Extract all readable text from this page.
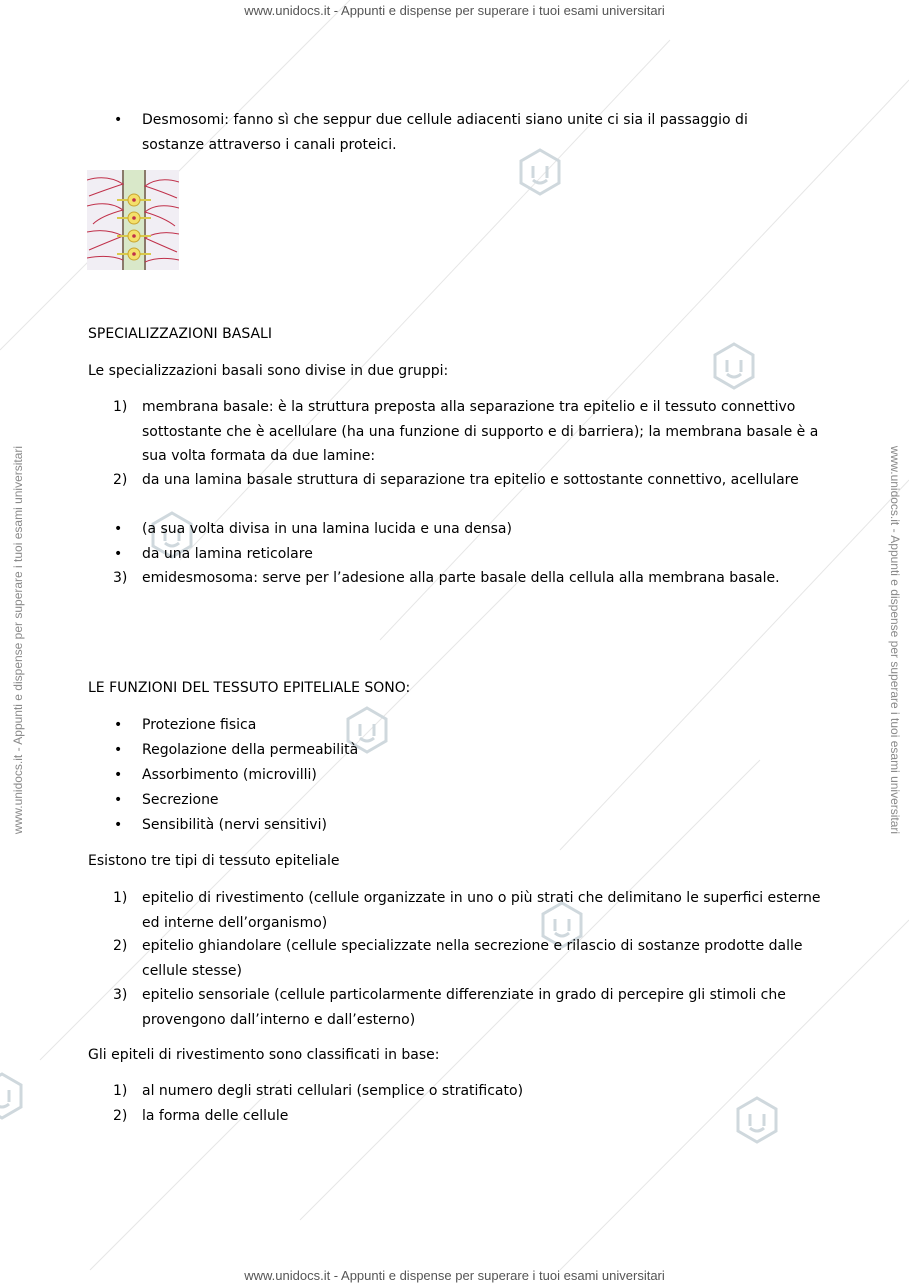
www.unidocs.it - Appunti e dispense per superare i tuoi esami universitari
www.unidocs.it - Appunti e dispense per superare i tuoi esami universitari
www.unidocs.it - Appunti e dispense per superare i tuoi esami universitari	www.unidocs.it - Appunti e dispense per superare i tuoi esami universitari
• Desmosomi: fanno sì che seppur due cellule adiacenti siano unite ci sia il passaggio di
sostanze attraverso i canali proteici.
SPECIALIZZAZIONI BASALI
Le specializzazioni basali sono divise in due gruppi:
1) membrana basale: è la struttura preposta alla separazione tra epitelio e il tessuto connettivo sottostante che è acellulare (ha una funzione di supporto e di barriera); la membrana basale è a sua volta formata da due lamine:
2) da una lamina basale struttura di separazione tra epitelio e sottostante connettivo, acellulare
• (a sua volta divisa in una lamina lucida e una densa)
• da una lamina reticolare
3) emidesmosoma: serve per l’adesione alla parte basale della cellula alla membrana basale.
LE FUNZIONI DEL TESSUTO EPITELIALE SONO:
• Protezione fisica
• Regolazione della permeabilità
• Assorbimento (microvilli)
• Secrezione
• Sensibilità (nervi sensitivi)
Esistono tre tipi di tessuto epiteliale
1) epitelio di rivestimento (cellule organizzate in uno o più strati che delimitano le superfici esterne ed interne dell’organismo)
2) epitelio ghiandolare (cellule specializzate nella secrezione e rilascio di sostanze prodotte dalle cellule stesse)
3) epitelio sensoriale (cellule particolarmente differenziate in grado di percepire gli stimoli che provengono dall’interno e dall’esterno)
Gli epiteli di rivestimento sono classificati in base:
1) al numero degli strati cellulari (semplice o stratificato)
2) la forma delle cellule
